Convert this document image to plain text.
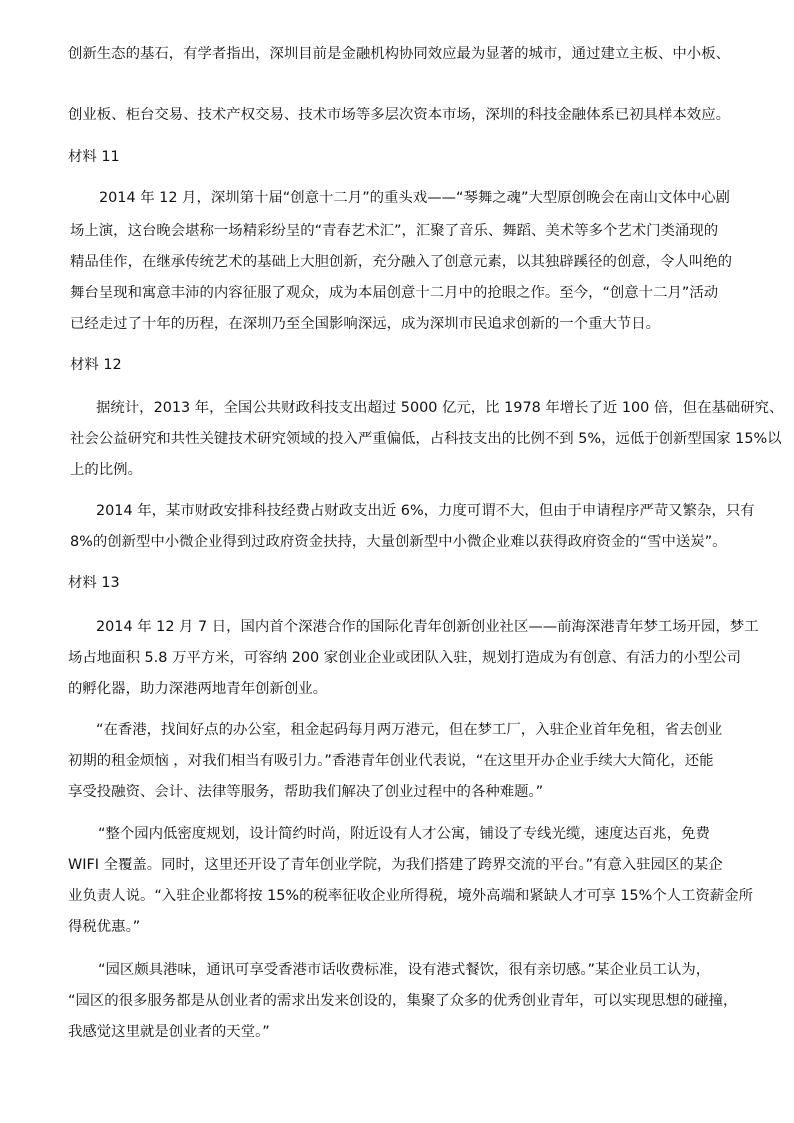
创新生态的基石，有学者指出，深圳目前是金融机构协同效应最为显著的城市，通过建立主板、中小板、
创业板、柜台交易、技术产权交易、技术市场等多层次资本市场，深圳的科技金融体系已初具样本效应。
材料 11
2014 年 12 月，深圳第十届“创意十二月”的重头戏——“琴舞之魂”大型原创晚会在南山文体中心剧
场上演，这台晚会堪称一场精彩纷呈的“青春艺术汇”，汇聚了音乐、舞蹈、美术等多个艺术门类涌现的
精品佳作，在继承传统艺术的基础上大胆创新，充分融入了创意元素，以其独辟蹊径的创意，令人叫绝的
舞台呈现和寓意丰沛的内容征服了观众，成为本届创意十二月中的抢眼之作。至今，“创意十二月”活动
已经走过了十年的历程，在深圳乃至全国影响深远，成为深圳市民追求创新的一个重大节日。
材料 12
据统计，2013 年，全国公共财政科技支出超过 5000 亿元，比 1978 年增长了近 100 倍，但在基础研究、
社会公益研究和共性关键技术研究领域的投入严重偏低，占科技支出的比例不到 5%，远低于创新型国家 15%以
上的比例。
2014 年，某市财政安排科技经费占财政支出近 6%，力度可谓不大，但由于申请程序严苛又繁杂，只有
8%的创新型中小微企业得到过政府资金扶持，大量创新型中小微企业难以获得政府资金的“雪中送炭”。
材料 13
2014 年 12 月 7 日，国内首个深港合作的国际化青年创新创业社区——前海深港青年梦工场开园，梦工
场占地面积 5.8 万平方米，可容纳 200 家创业企业或团队入驻，规划打造成为有创意、有活力的小型公司
的孵化器，助力深港两地青年创新创业。
“在香港，找间好点的办公室，租金起码每月两万港元，但在梦工厂，入驻企业首年免租，省去创业
初期的租金烦恼 ，对我们相当有吸引力。”香港青年创业代表说，“在这里开办企业手续大大简化，还能
享受投融资、会计、法律等服务，帮助我们解决了创业过程中的各种难题。”
“整个园内低密度规划，设计简约时尚，附近设有人才公寓，铺设了专线光缆，速度达百兆，免费
WIFI 全覆盖。同时，这里还开设了青年创业学院，为我们搭建了跨界交流的平台。”有意入驻园区的某企
业负责人说。“入驻企业都将按 15%的税率征收企业所得税，境外高端和紧缺人才可享 15%个人工资薪金所
得税优惠。”
“园区颇具港味，通讯可享受香港市话收费标准，设有港式餐饮，很有亲切感。”某企业员工认为，
“园区的很多服务都是从创业者的需求出发来创设的，集聚了众多的优秀创业青年，可以实现思想的碰撞，
我感觉这里就是创业者的天堂。”
